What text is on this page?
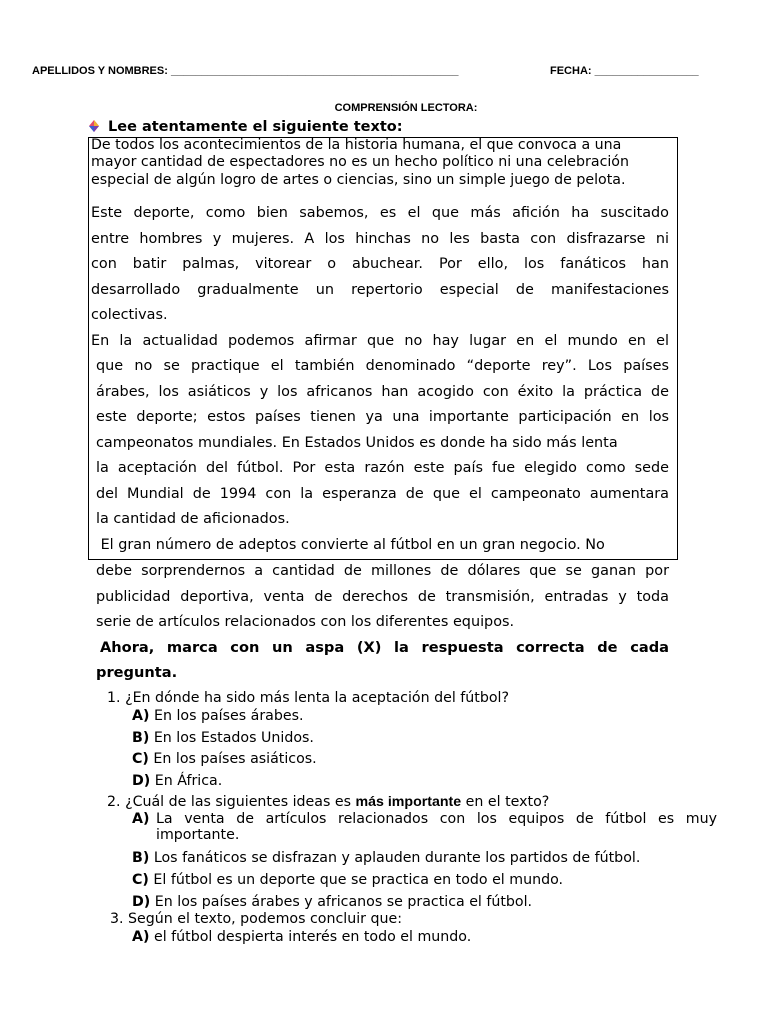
APELLIDOS Y NOMBRES: _______________________________________________	FECHA: _________________
COMPRENSIÓN LECTORA:
Lee atentamente el siguiente texto:
De todos los acontecimientos de la historia humana, el que convoca a una mayor cantidad de espectadores no es un hecho político ni una celebración especial de algún logro de artes o ciencias, sino un simple juego de pelota.
Este deporte, como bien sabemos, es el que más afición ha suscitado
entre hombres y mujeres. A los hinchas no les basta con disfrazarse ni
con batir palmas, vitorear o abuchear. Por ello, los fanáticos han
desarrollado gradualmente un repertorio especial de manifestaciones
colectivas.
En la actualidad podemos afirmar que no hay lugar en el mundo en el
que no se practique el también denominado “deporte rey”. Los países
árabes, los asiáticos y los africanos han acogido con éxito la práctica de
este deporte; estos países tienen ya una importante participación en los
campeonatos mundiales. En Estados Unidos es donde ha sido más lenta
la aceptación del fútbol. Por esta razón este país fue elegido como sede
del Mundial de 1994 con la esperanza de que el campeonato aumentara
la cantidad de aficionados.
El gran número de adeptos convierte al fútbol en un gran negocio. No
debe sorprendernos a cantidad de millones de dólares que se ganan por
publicidad deportiva, venta de derechos de transmisión, entradas y toda
serie de artículos relacionados con los diferentes equipos.
Ahora, marca con un aspa (X) la respuesta correcta de cada
pregunta.
1. ¿En dónde ha sido más lenta la aceptación del fútbol?
A) En los países árabes.
B) En los Estados Unidos.
C) En los países asiáticos.
D) En África.
2. ¿Cuál de las siguientes ideas es más importante en el texto?
A) La venta de artículos relacionados con los equipos de fútbol es muy
importante.
B) Los fanáticos se disfrazan y aplauden durante los partidos de fútbol.
C) El fútbol es un deporte que se practica en todo el mundo.
D) En los países árabes y africanos se practica el fútbol.
3. Según el texto, podemos concluir que:
A) el fútbol despierta interés en todo el mundo.
